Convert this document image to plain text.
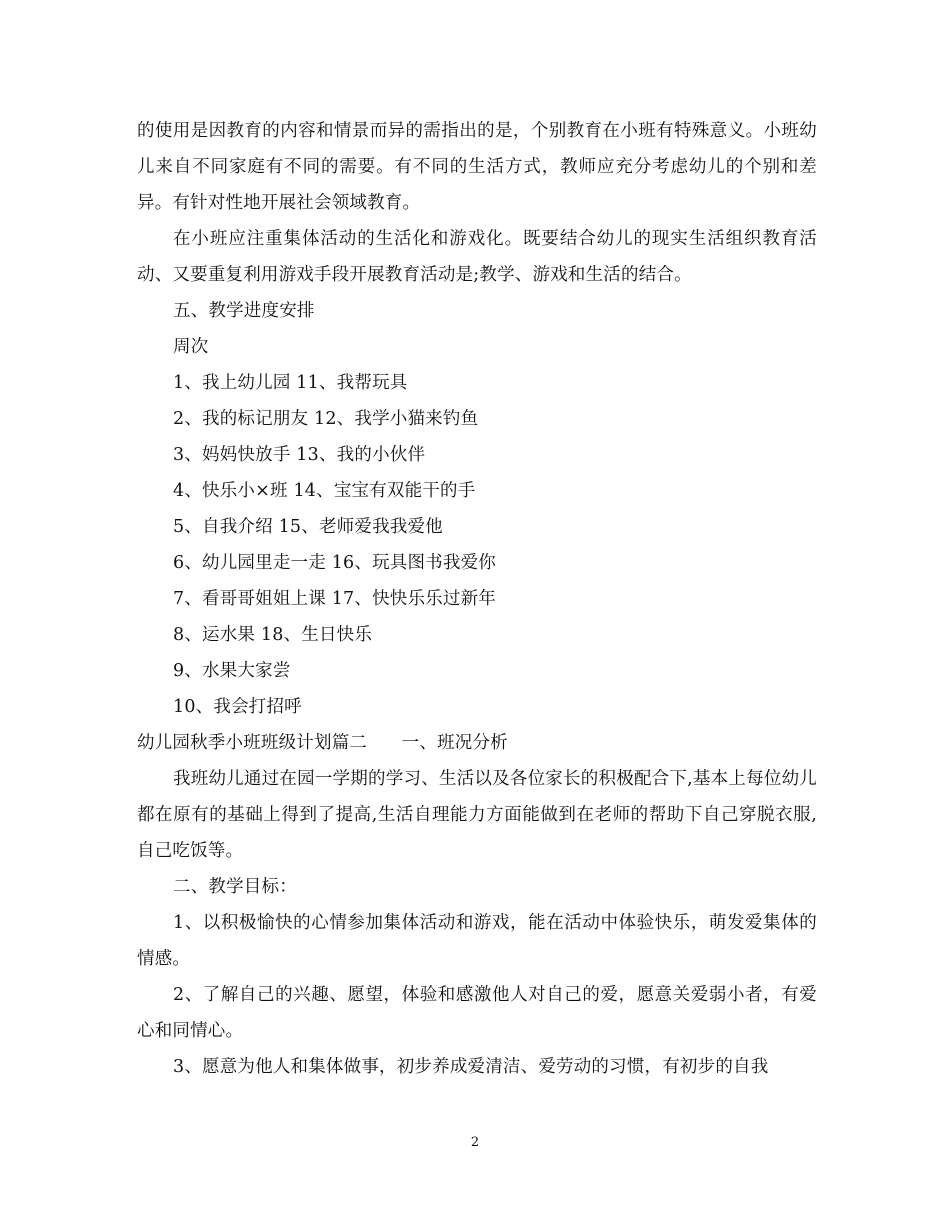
的使用是因教育的内容和情景而异的需指出的是，个别教育在小班有特殊意义。小班幼儿来自不同家庭有不同的需要。有不同的生活方式，教师应充分考虑幼儿的个别和差异。有针对性地开展社会领域教育。

在小班应注重集体活动的生活化和游戏化。既要结合幼儿的现实生活组织教育活动、又要重复利用游戏手段开展教育活动是;教学、游戏和生活的结合。

五、教学进度安排

周次

1、我上幼儿园 11、我帮玩具

2、我的标记朋友 12、我学小猫来钓鱼

3、妈妈快放手 13、我的小伙伴

4、快乐小×班 14、宝宝有双能干的手

5、自我介绍 15、老师爱我我爱他

6、幼儿园里走一走 16、玩具图书我爱你

7、看哥哥姐姐上课 17、快快乐乐过新年

8、运水果 18、生日快乐

9、水果大家尝

10、我会打招呼

幼儿园秋季小班班级计划篇二      一、班况分析

我班幼儿通过在园一学期的学习、生活以及各位家长的积极配合下,基本上每位幼儿都在原有的基础上得到了提高,生活自理能力方面能做到在老师的帮助下自己穿脱衣服,自己吃饭等。

二、教学目标：

1、以积极愉快的心情参加集体活动和游戏，能在活动中体验快乐，萌发爱集体的情感。

2、了解自己的兴趣、愿望，体验和感激他人对自己的爱，愿意关爱弱小者，有爱心和同情心。

3、愿意为他人和集体做事，初步养成爱清洁、爱劳动的习惯，有初步的自我

2
